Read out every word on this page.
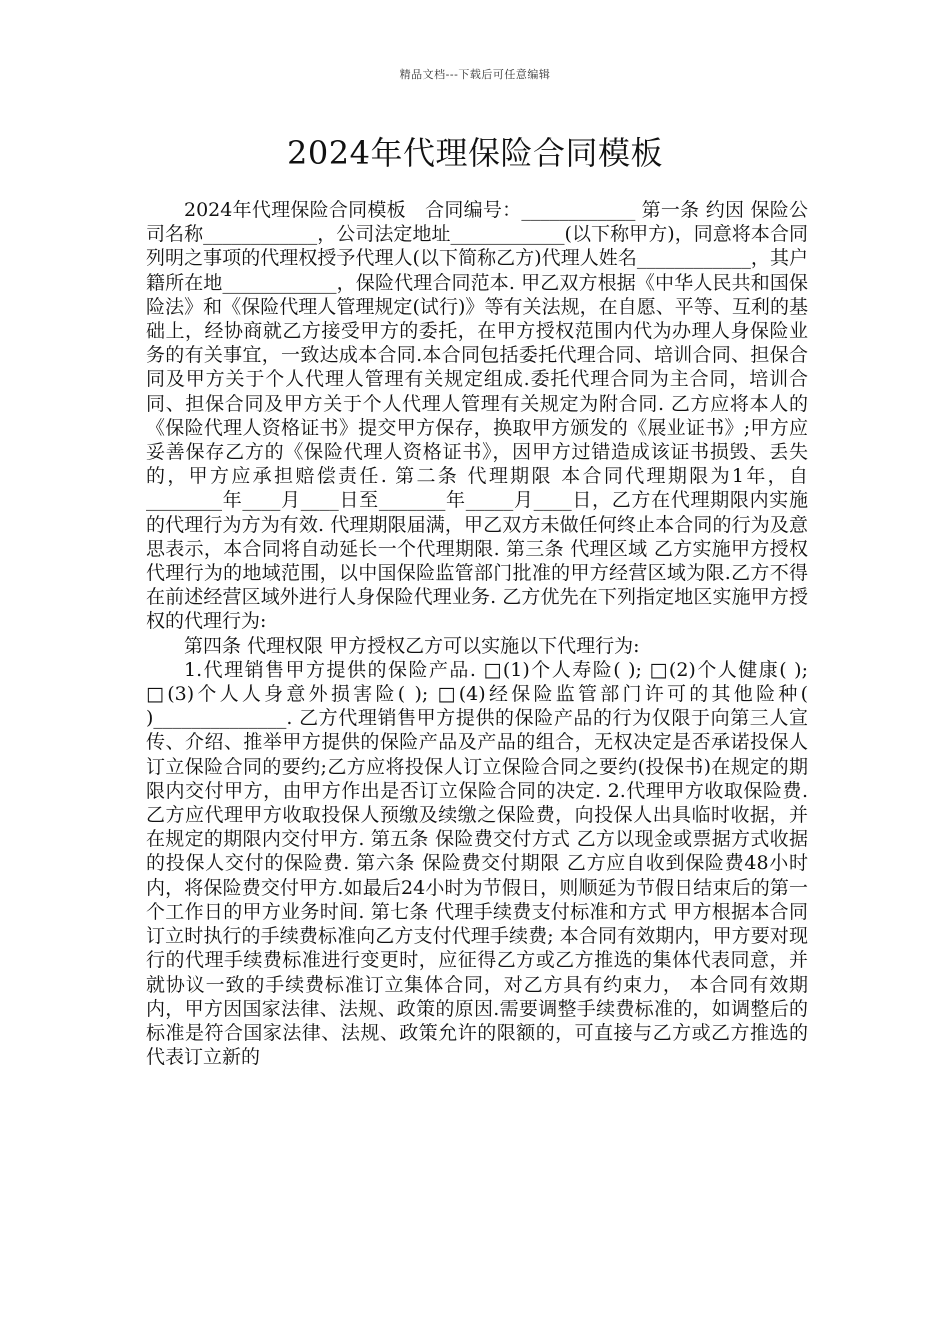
精品文档---下载后可任意编辑
2024年代理保险合同模板

2024年代理保险合同模板　合同编号：____________ 第一条 约因 保险公司名称____________，公司法定地址____________(以下称甲方)，同意将本合同列明之事项的代理权授予代理人(以下简称乙方)代理人姓名____________，其户籍所在地____________，保险代理合同范本. 甲乙双方根据《中华人民共和国保险法》和《保险代理人管理规定(试行)》等有关法规，在自愿、平等、互利的基础上，经协商就乙方接受甲方的委托，在甲方授权范围内代为办理人身保险业务的有关事宜，一致达成本合同.本合同包括委托代理合同、培训合同、担保合同及甲方关于个人代理人管理有关规定组成.委托代理合同为主合同，培训合同、担保合同及甲方关于个人代理人管理有关规定为附合同. 乙方应将本人的《保险代理人资格证书》提交甲方保存，换取甲方颁发的《展业证书》;甲方应妥善保存乙方的《保险代理人资格证书》，因甲方过错造成该证书损毁、丢失的，甲方应承担赔偿责任. 第二条 代理期限 本合同代理期限为1年，自________年____月____日至_______年_____月____日，乙方在代理期限内实施的代理行为方为有效. 代理期限届满，甲乙双方未做任何终止本合同的行为及意思表示，本合同将自动延长一个代理期限. 第三条 代理区域 乙方实施甲方授权代理行为的地域范围，以中国保险监管部门批准的甲方经营区域为限.乙方不得在前述经营区域外进行人身保险代理业务. 乙方优先在下列指定地区实施甲方授权的代理行为:

第四条 代理权限 甲方授权乙方可以实施以下代理行为:

1.代理销售甲方提供的保险产品. □(1)个人寿险( ); □(2)个人健康( ); □(3)个人人身意外损害险( ); □(4)经保险监管部门许可的其他险种( )______________. 乙方代理销售甲方提供的保险产品的行为仅限于向第三人宣传、介绍、推举甲方提供的保险产品及产品的组合，无权决定是否承诺投保人订立保险合同的要约;乙方应将投保人订立保险合同之要约(投保书)在规定的期限内交付甲方，由甲方作出是否订立保险合同的决定. 2.代理甲方收取保险费. 乙方应代理甲方收取投保人预缴及续缴之保险费，向投保人出具临时收据，并在规定的期限内交付甲方. 第五条 保险费交付方式 乙方以现金或票据方式收据的投保人交付的保险费. 第六条 保险费交付期限 乙方应自收到保险费48小时内，将保险费交付甲方.如最后24小时为节假日，则顺延为节假日结束后的第一个工作日的甲方业务时间. 第七条 代理手续费支付标准和方式 甲方根据本合同订立时执行的手续费标准向乙方支付代理手续费; 本合同有效期内，甲方要对现行的代理手续费标准进行变更时，应征得乙方或乙方推选的集体代表同意，并就协议一致的手续费标准订立集体合同，对乙方具有约束力， 本合同有效期内，甲方因国家法律、法规、政策的原因.需要调整手续费标准的，如调整后的标准是符合国家法律、法规、政策允许的限额的，可直接与乙方或乙方推选的代表订立新的
